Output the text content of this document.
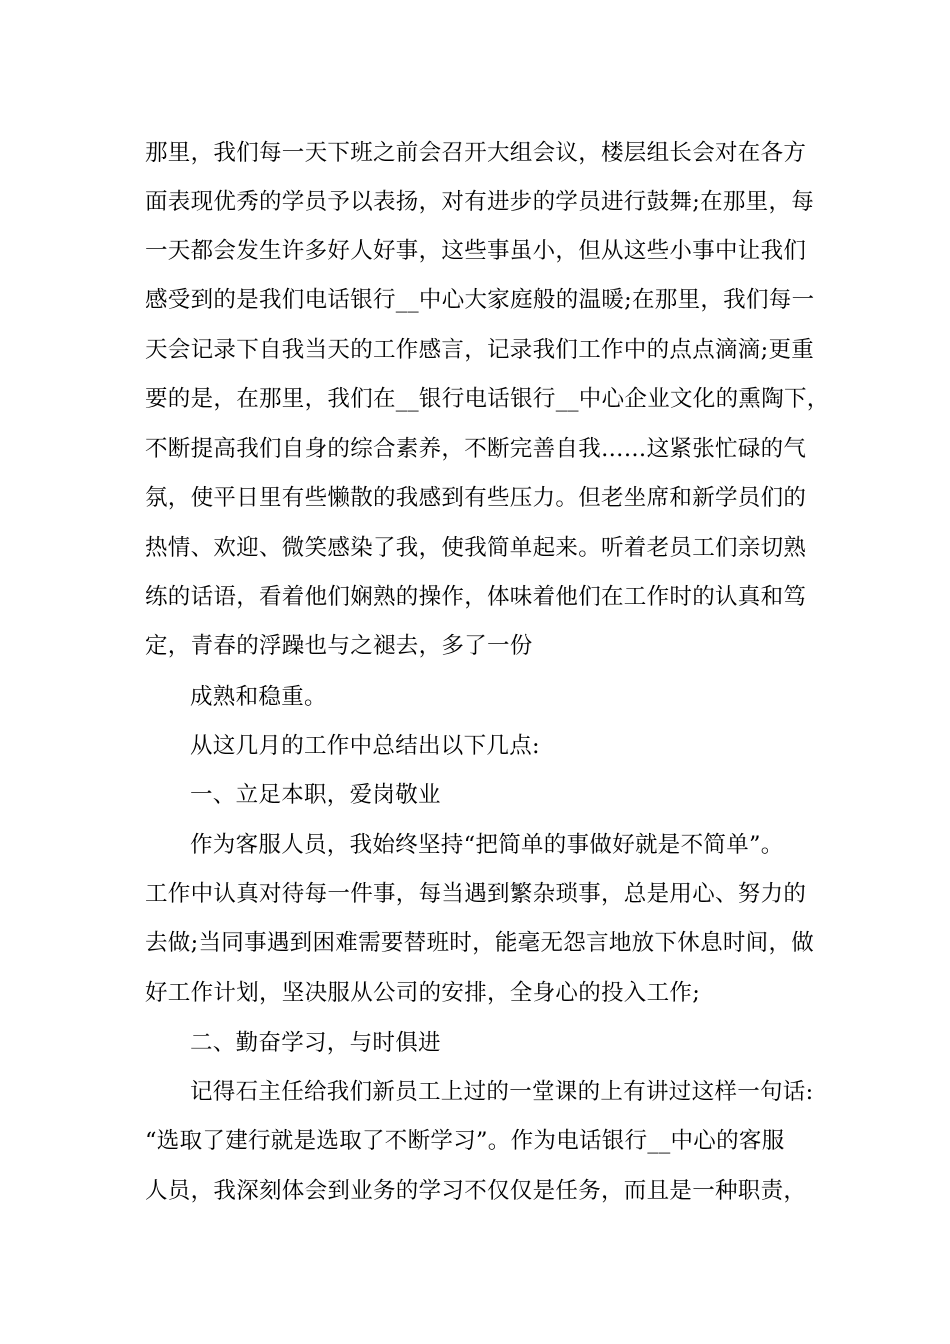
那里，我们每一天下班之前会召开大组会议，楼层组长会对在各方
面表现优秀的学员予以表扬，对有进步的学员进行鼓舞;在那里，每
一天都会发生许多好人好事，这些事虽小，但从这些小事中让我们
感受到的是我们电话银行__中心大家庭般的温暖;在那里，我们每一
天会记录下自我当天的工作感言，记录我们工作中的点点滴滴;更重
要的是，在那里，我们在__银行电话银行__中心企业文化的熏陶下，
不断提高我们自身的综合素养，不断完善自我……这紧张忙碌的气
氛，使平日里有些懒散的我感到有些压力。但老坐席和新学员们的
热情、欢迎、微笑感染了我，使我简单起来。听着老员工们亲切熟
练的话语，看着他们娴熟的操作，体味着他们在工作时的认真和笃
定，青春的浮躁也与之褪去，多了一份
成熟和稳重。
从这几月的工作中总结出以下几点:
一、立足本职，爱岗敬业
作为客服人员，我始终坚持“把简单的事做好就是不简单”。
工作中认真对待每一件事，每当遇到繁杂琐事，总是用心、努力的
去做;当同事遇到困难需要替班时，能毫无怨言地放下休息时间，做
好工作计划，坚决服从公司的安排，全身心的投入工作;
二、勤奋学习，与时俱进
记得石主任给我们新员工上过的一堂课的上有讲过这样一句话:
“选取了建行就是选取了不断学习”。作为电话银行__中心的客服
人员，我深刻体会到业务的学习不仅仅是任务，而且是一种职责，
